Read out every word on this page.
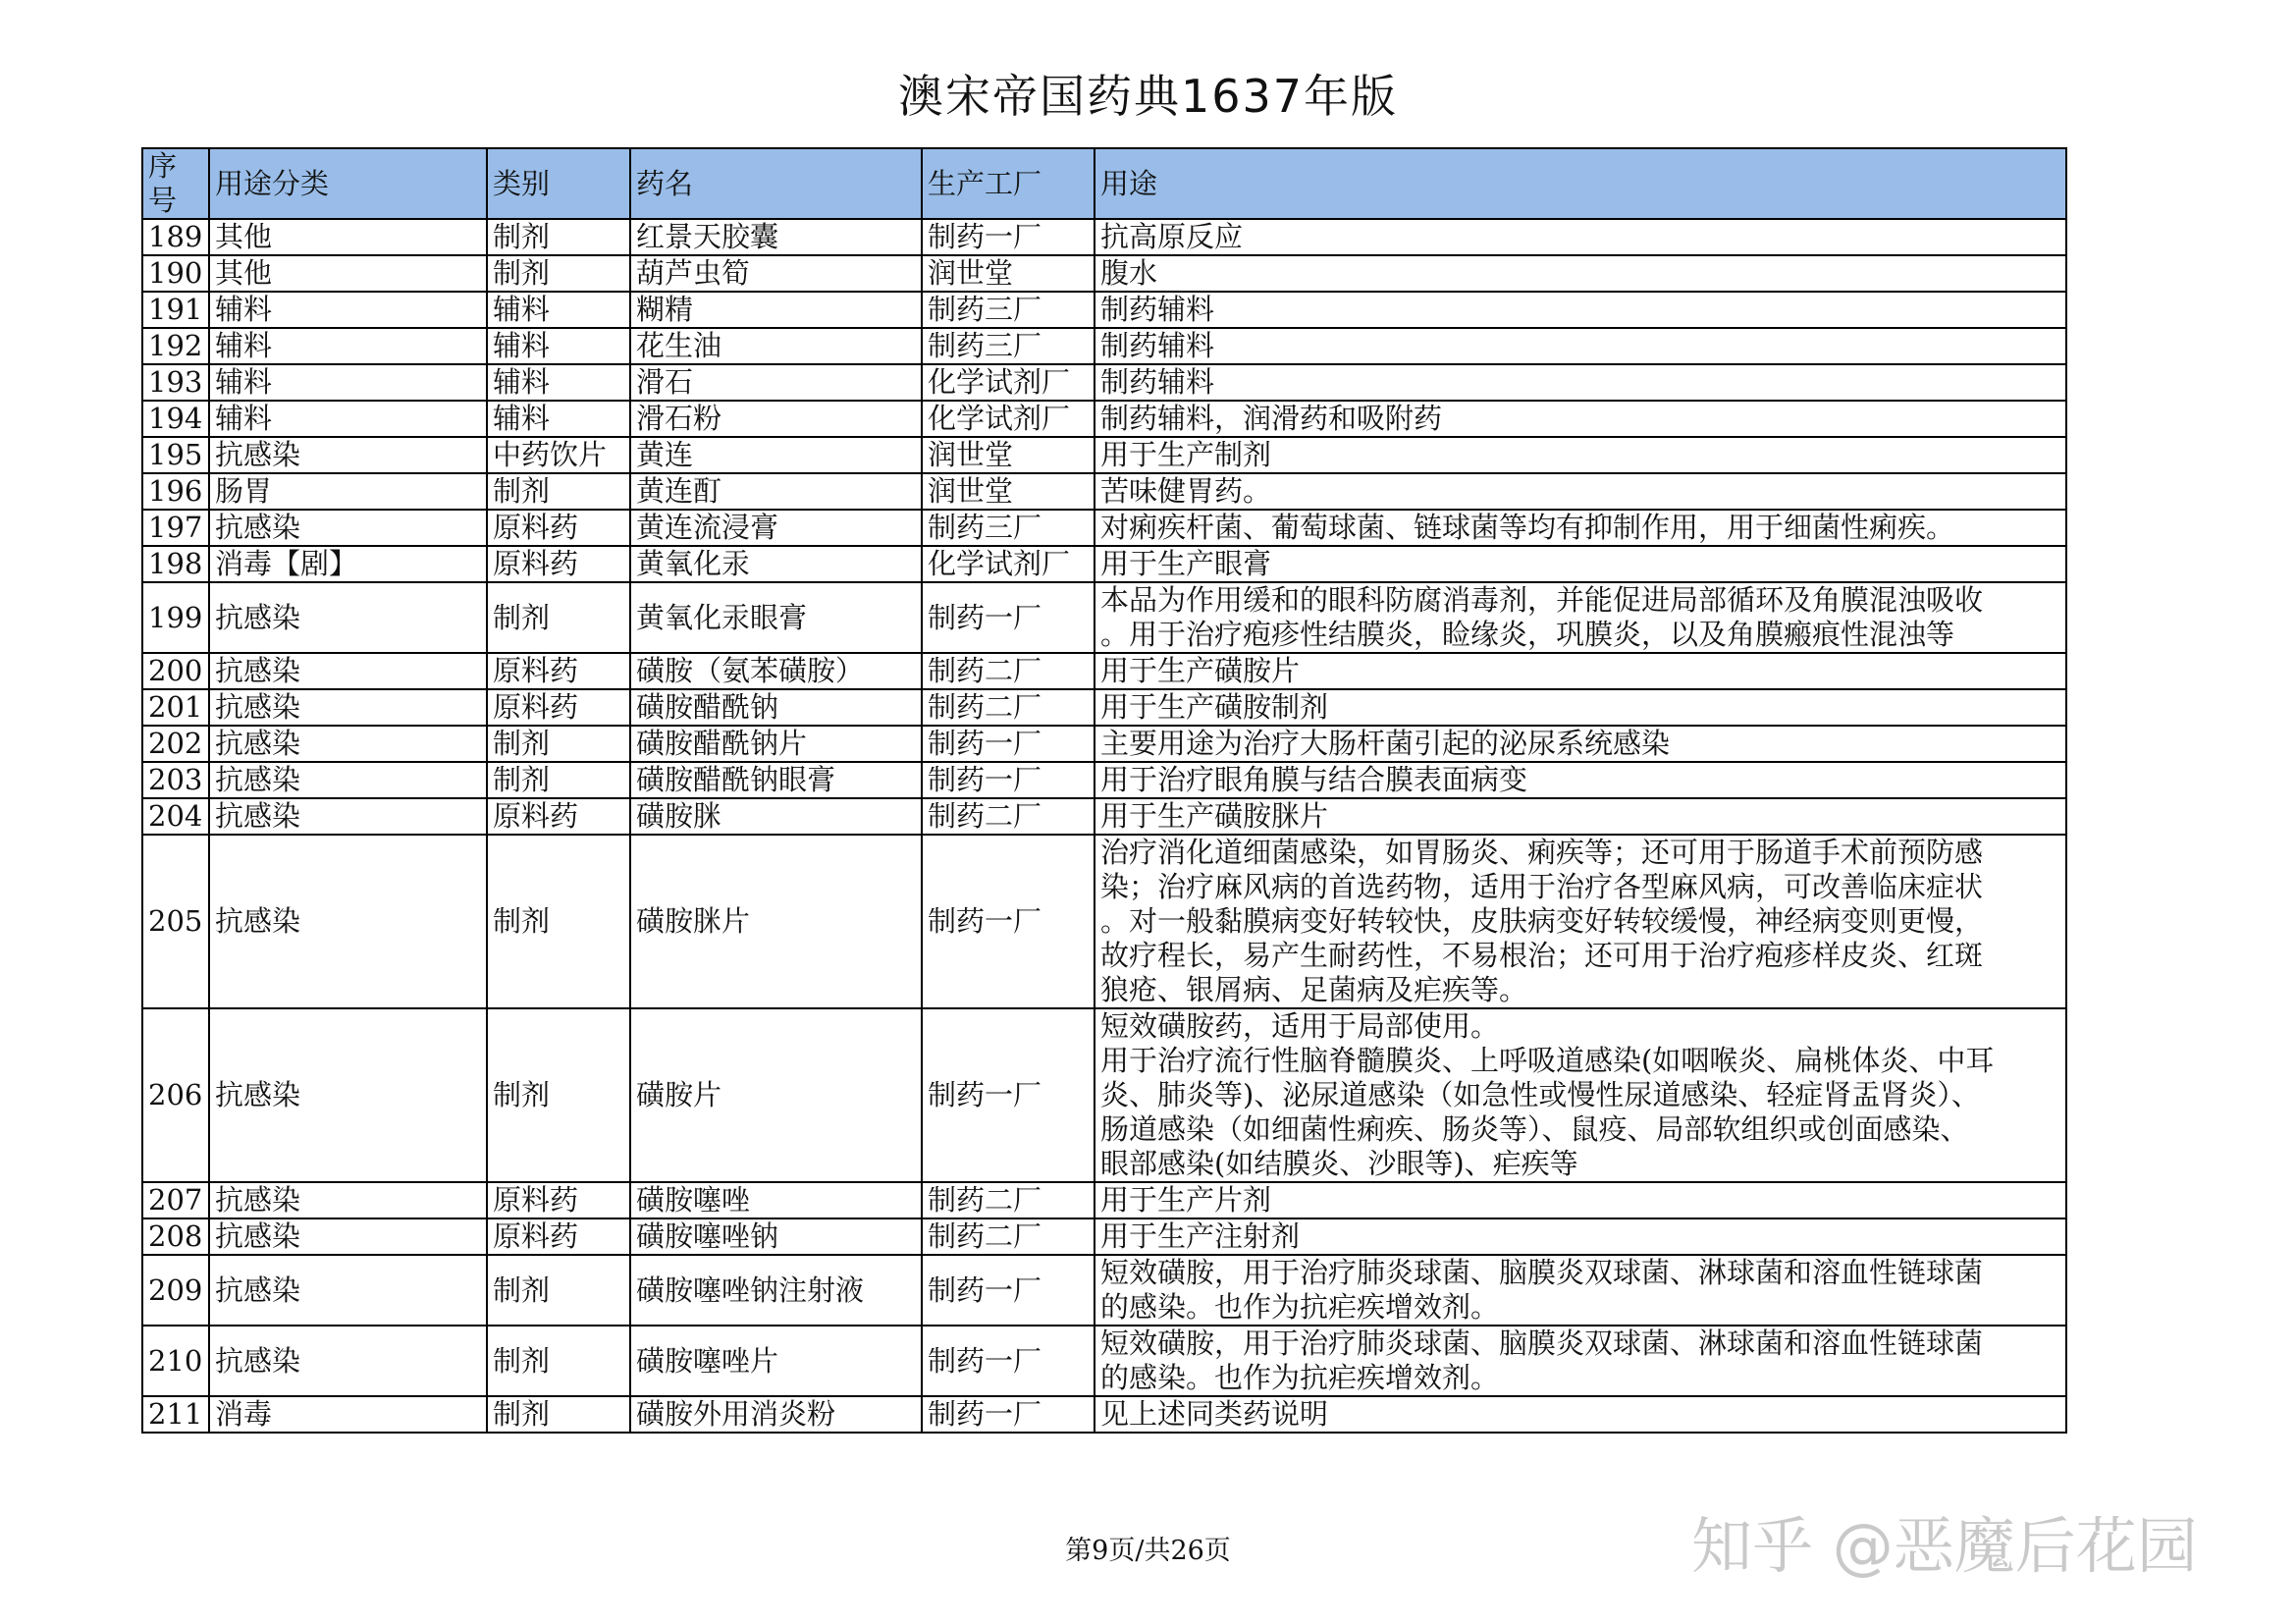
澳宋帝国药典1637年版
序号	用途分类	类别	药名	生产工厂	用途
189	其他	制剂	红景天胶囊	制药一厂	抗高原反应
190	其他	制剂	葫芦虫筍	润世堂	腹水
191	辅料	辅料	糊精	制药三厂	制药辅料
192	辅料	辅料	花生油	制药三厂	制药辅料
193	辅料	辅料	滑石	化学试剂厂	制药辅料
194	辅料	辅料	滑石粉	化学试剂厂	制药辅料，润滑药和吸附药
195	抗感染	中药饮片	黄连	润世堂	用于生产制剂
196	肠胃	制剂	黄连酊	润世堂	苦味健胃药。
197	抗感染	原料药	黄连流浸膏	制药三厂	对痢疾杆菌、葡萄球菌、链球菌等均有抑制作用，用于细菌性痢疾。
198	消毒【剧】	原料药	黄氧化汞	化学试剂厂	用于生产眼膏
199	抗感染	制剂	黄氧化汞眼膏	制药一厂	本品为作用缓和的眼科防腐消毒剂，并能促进局部循环及角膜混浊吸收
。用于治疗疱疹性结膜炎，睑缘炎，巩膜炎，以及角膜瘢痕性混浊等
200	抗感染	原料药	磺胺（氨苯磺胺）	制药二厂	用于生产磺胺片
201	抗感染	原料药	磺胺醋酰钠	制药二厂	用于生产磺胺制剂
202	抗感染	制剂	磺胺醋酰钠片	制药一厂	主要用途为治疗大肠杆菌引起的泌尿系统感染
203	抗感染	制剂	磺胺醋酰钠眼膏	制药一厂	用于治疗眼角膜与结合膜表面病变
204	抗感染	原料药	磺胺脒	制药二厂	用于生产磺胺脒片
205	抗感染	制剂	磺胺脒片	制药一厂	治疗消化道细菌感染，如胃肠炎、痢疾等；还可用于肠道手术前预防感
染；治疗麻风病的首选药物，适用于治疗各型麻风病，可改善临床症状
。对一般黏膜病变好转较快，皮肤病变好转较缓慢，神经病变则更慢，
故疗程长，易产生耐药性，不易根治；还可用于治疗疱疹样皮炎、红斑
狼疮、银屑病、足菌病及疟疾等。
206	抗感染	制剂	磺胺片	制药一厂	短效磺胺药，适用于局部使用。
用于治疗流行性脑脊髓膜炎、上呼吸道感染(如咽喉炎、扁桃体炎、中耳
炎、肺炎等)、泌尿道感染（如急性或慢性尿道感染、轻症肾盂肾炎）、
肠道感染（如细菌性痢疾、肠炎等）、鼠疫、局部软组织或创面感染、
眼部感染(如结膜炎、沙眼等)、疟疾等
207	抗感染	原料药	磺胺噻唑	制药二厂	用于生产片剂
208	抗感染	原料药	磺胺噻唑钠	制药二厂	用于生产注射剂
209	抗感染	制剂	磺胺噻唑钠注射液	制药一厂	短效磺胺，用于治疗肺炎球菌、脑膜炎双球菌、淋球菌和溶血性链球菌
的感染。也作为抗疟疾增效剂。
210	抗感染	制剂	磺胺噻唑片	制药一厂	短效磺胺，用于治疗肺炎球菌、脑膜炎双球菌、淋球菌和溶血性链球菌
的感染。也作为抗疟疾增效剂。
211	消毒	制剂	磺胺外用消炎粉	制药一厂	见上述同类药说明
第9页/共26页	知乎 @恶魔后花园
